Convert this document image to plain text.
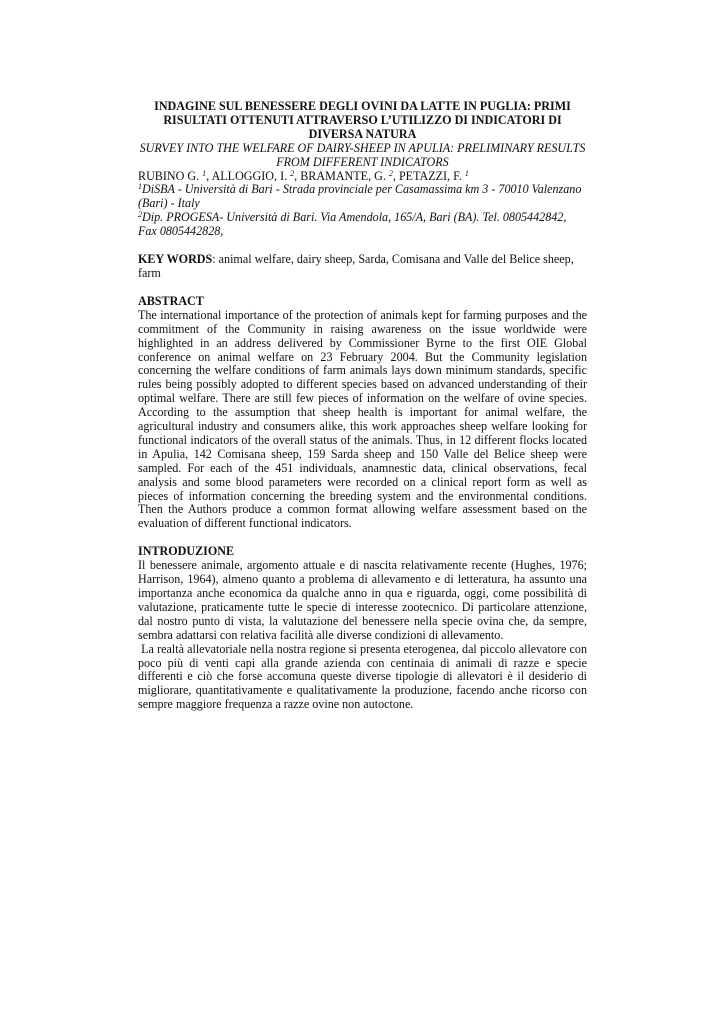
INDAGINE SUL BENESSERE DEGLI OVINI DA LATTE IN PUGLIA: PRIMI RISULTATI OTTENUTI ATTRAVERSO L’UTILIZZO DI INDICATORI DI DIVERSA NATURA

SURVEY INTO THE WELFARE OF DAIRY-SHEEP IN APULIA: PRELIMINARY RESULTS FROM DIFFERENT INDICATORS

RUBINO G. $^1$, ALLOGGIO, I. $^2$, BRAMANTE, G. $^2$, PETAZZI, F. $^1$

$^1$DiSBA - Università di Bari - Strada provinciale per Casamassima km 3 - 70010 Valenzano (Bari) - Italy

$^2$Dip. PROGESA- Università di Bari. Via Amendola, 165/A, Bari (BA). Tel. 0805442842, Fax 0805442828,

KEY WORDS: animal welfare, dairy sheep, Sarda, Comisana and Valle del Belice sheep, farm

ABSTRACT

The international importance of the protection of animals kept for farming purposes and the commitment of the Community in raising awareness on the issue worldwide were highlighted in an address delivered by Commissioner Byrne to the first OIE Global conference on animal welfare on 23 February 2004. But the Community legislation concerning the welfare conditions of farm animals lays down minimum standards, specific rules being possibly adopted to different species based on advanced understanding of their optimal welfare. There are still few pieces of information on the welfare of ovine species. According to the assumption that sheep health is important for animal welfare, the agricultural industry and consumers alike, this work approaches sheep welfare looking for functional indicators of the overall status of the animals. Thus, in 12 different flocks located in Apulia, 142 Comisana sheep, 159 Sarda sheep and 150 Valle del Belice sheep were sampled. For each of the 451 individuals, anamnestic data, clinical observations, fecal analysis and some blood parameters were recorded on a clinical report form as well as pieces of information concerning the breeding system and the environmental conditions. Then the Authors produce a common format allowing welfare assessment based on the evaluation of different functional indicators.

INTRODUZIONE

Il benessere animale, argomento attuale e di nascita relativamente recente (Hughes, 1976; Harrison, 1964), almeno quanto a problema di allevamento e di letteratura, ha assunto una importanza anche economica da qualche anno in qua e riguarda, oggi, come possibilità di valutazione, praticamente tutte le specie di interesse zootecnico. Di particolare attenzione, dal nostro punto di vista, la valutazione del benessere nella specie ovina che, da sempre, sembra adattarsi con relativa facilità alle diverse condizioni di allevamento.

La realtà allevatoriale nella nostra regione si presenta eterogenea, dal piccolo allevatore con poco più di venti capi alla grande azienda con centinaia di animali di razze e specie differenti e ciò che forse accomuna queste diverse tipologie di allevatori è il desiderio di migliorare, quantitativamente e qualitativamente la produzione, facendo anche ricorso con sempre maggiore frequenza a razze ovine non autoctone.
